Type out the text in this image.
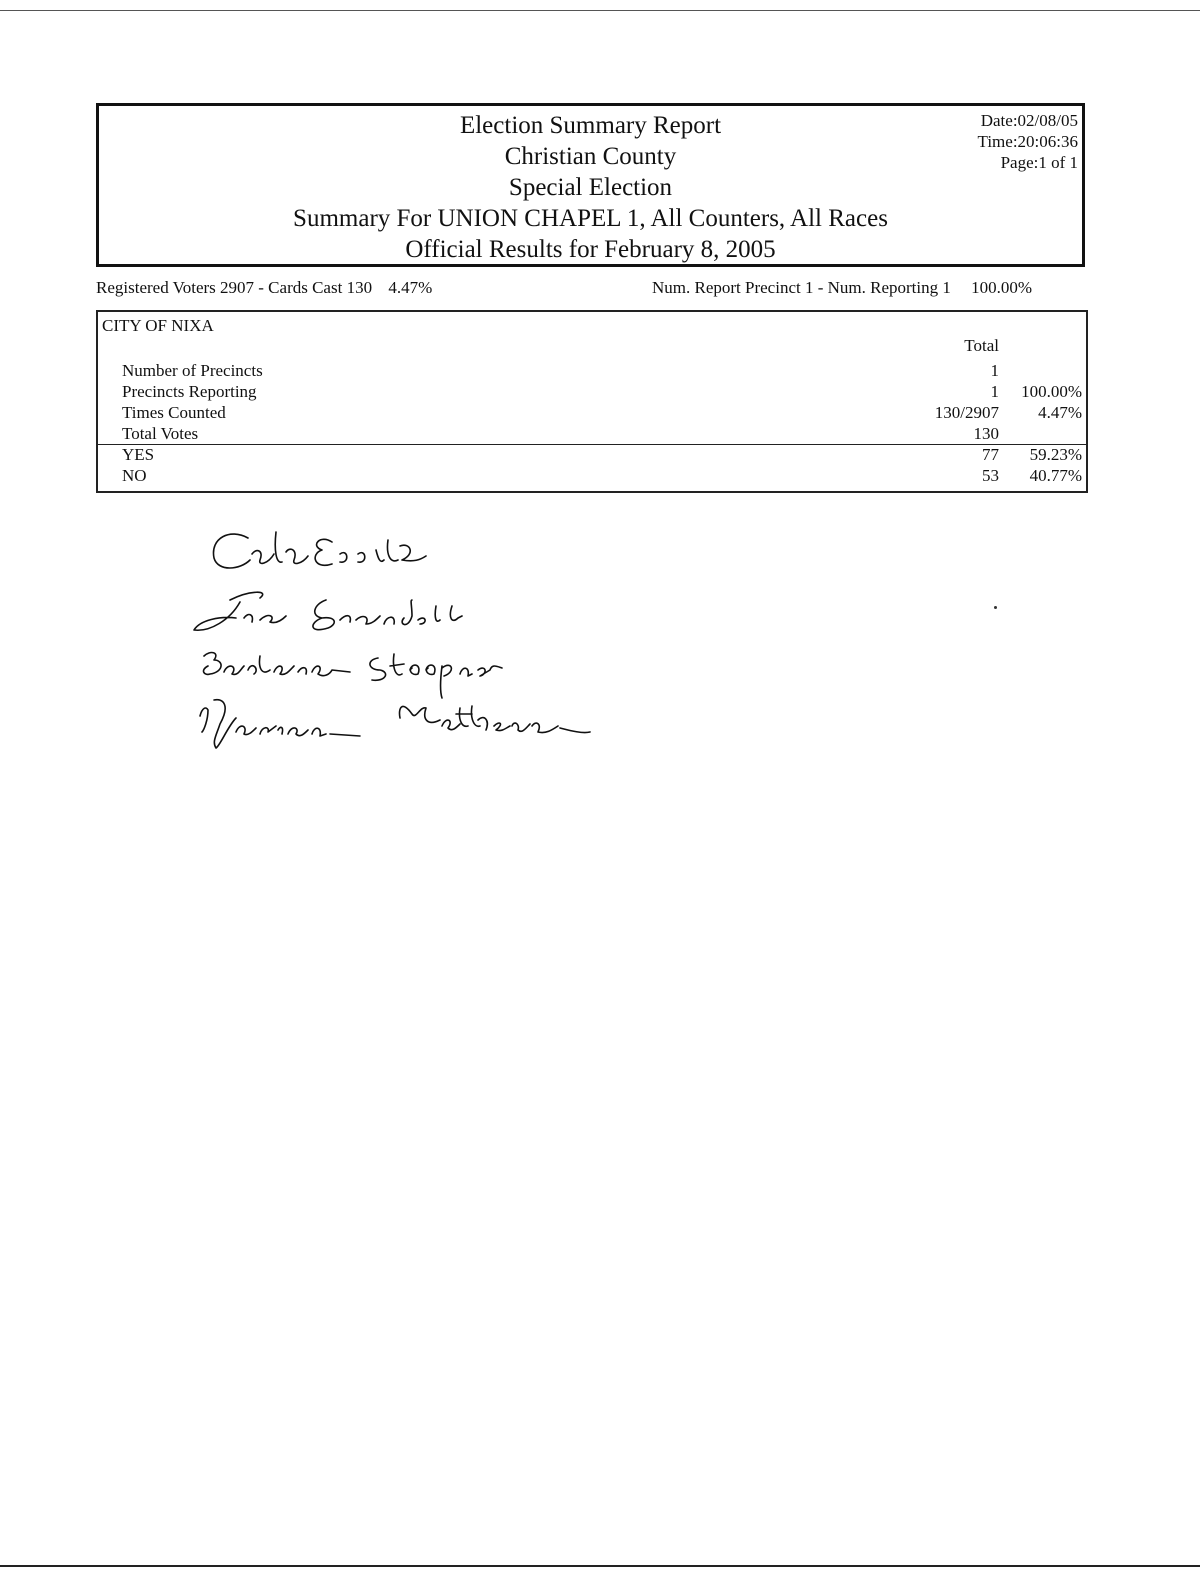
Election Summary Report
Christian County
Special Election
Summary For UNION CHAPEL 1, All Counters, All Races
Official Results for February 8, 2005
Date:02/08/05
Time:20:06:36
Page:1 of 1
Registered Voters 2907 - Cards Cast 130 4.47%	Num. Report Precinct 1 - Num. Reporting 1 100.00%
CITY OF NIXA
Total
Number of Precincts	1
Precincts Reporting	1	100.00%
Times Counted	130/2907	4.47%
Total Votes	130
YES	77	59.23%
NO	53	40.77%
